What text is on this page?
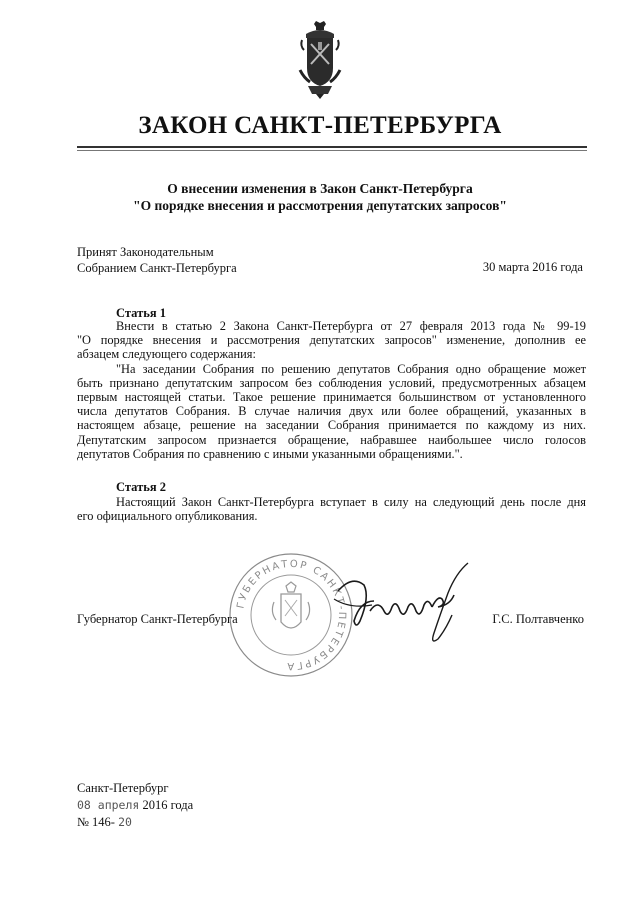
ЗАКОН САНКТ-ПЕТЕРБУРГА
О внесении изменения в Закон Санкт-Петербурга
"О порядке внесения и рассмотрения депутатских запросов"
Принят Законодательным
Собранием Санкт-Петербурга	30 марта 2016 года
Статья 1
Внести в статью 2 Закона Санкт-Петербурга от 27 февраля 2013 года № 99-19
"О порядке внесения и рассмотрения депутатских запросов" изменение, дополнив ее
абзацем следующего содержания:
"На заседании Собрания по решению депутатов Собрания одно обращение может
быть признано депутатским запросом без соблюдения условий, предусмотренных абзацем
первым настоящей статьи. Такое решение принимается большинством от установленного
числа депутатов Собрания. В случае наличия двух или более обращений, указанных в
настоящем абзаце, решение на заседании Собрания принимается по каждому из них.
Депутатским запросом признается обращение, набравшее наибольшее число голосов
депутатов Собрания по сравнению с иными указанными обращениями.".
Статья 2
Настоящий Закон Санкт-Петербурга вступает в силу на следующий день после дня
его официального опубликования.
ГУБЕРНАТОР САНКТ-ПЕТЕРБУРГА
Губернатор Санкт-Петербурга	Г.С. Полтавченко
Санкт-Петербург
08 апреля 2016 года
№ 146- 20
